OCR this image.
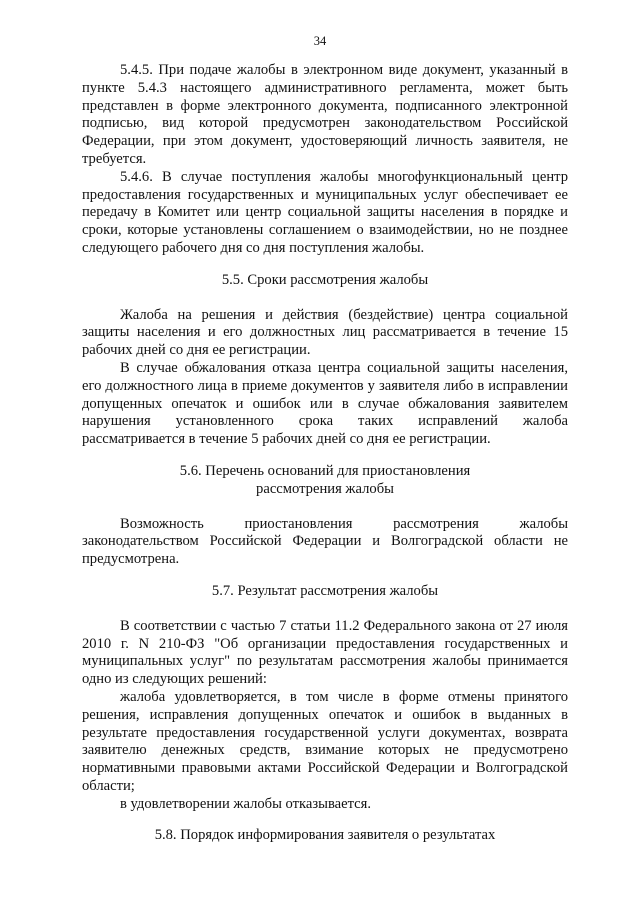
34

5.4.5. При подаче жалобы в электронном виде документ, указанный в пункте 5.4.3 настоящего административного регламента, может быть представлен в форме электронного документа, подписанного электронной подписью, вид которой предусмотрен законодательством Российской Федерации, при этом документ, удостоверяющий личность заявителя, не требуется.

5.4.6. В случае поступления жалобы многофункциональный центр предоставления государственных и муниципальных услуг обеспечивает ее передачу в Комитет или центр социальной защиты населения в порядке и сроки, которые установлены соглашением о взаимодействии, но не позднее следующего рабочего дня со дня поступления жалобы.

5.5. Сроки рассмотрения жалобы

Жалоба на решения и действия (бездействие) центра социальной защиты населения и его должностных лиц рассматривается в течение 15 рабочих дней со дня ее регистрации.

В случае обжалования отказа центра социальной защиты населения, его должностного лица в приеме документов у заявителя либо в исправлении допущенных опечаток и ошибок или в случае обжалования заявителем нарушения установленного срока таких исправлений жалоба рассматривается в течение 5 рабочих дней со дня ее регистрации.

5.6. Перечень оснований для приостановления рассмотрения жалобы

Возможность приостановления рассмотрения жалобы законодательством Российской Федерации и Волгоградской области не предусмотрена.

5.7. Результат рассмотрения жалобы

В соответствии с частью 7 статьи 11.2 Федерального закона от 27 июля 2010 г. N 210-ФЗ "Об организации предоставления государственных и муниципальных услуг" по результатам рассмотрения жалобы принимается одно из следующих решений:

жалоба удовлетворяется, в том числе в форме отмены принятого решения, исправления допущенных опечаток и ошибок в выданных в результате предоставления государственной услуги документах, возврата заявителю денежных средств, взимание которых не предусмотрено нормативными правовыми актами Российской Федерации и Волгоградской области;

в удовлетворении жалобы отказывается.

5.8. Порядок информирования заявителя о результатах
